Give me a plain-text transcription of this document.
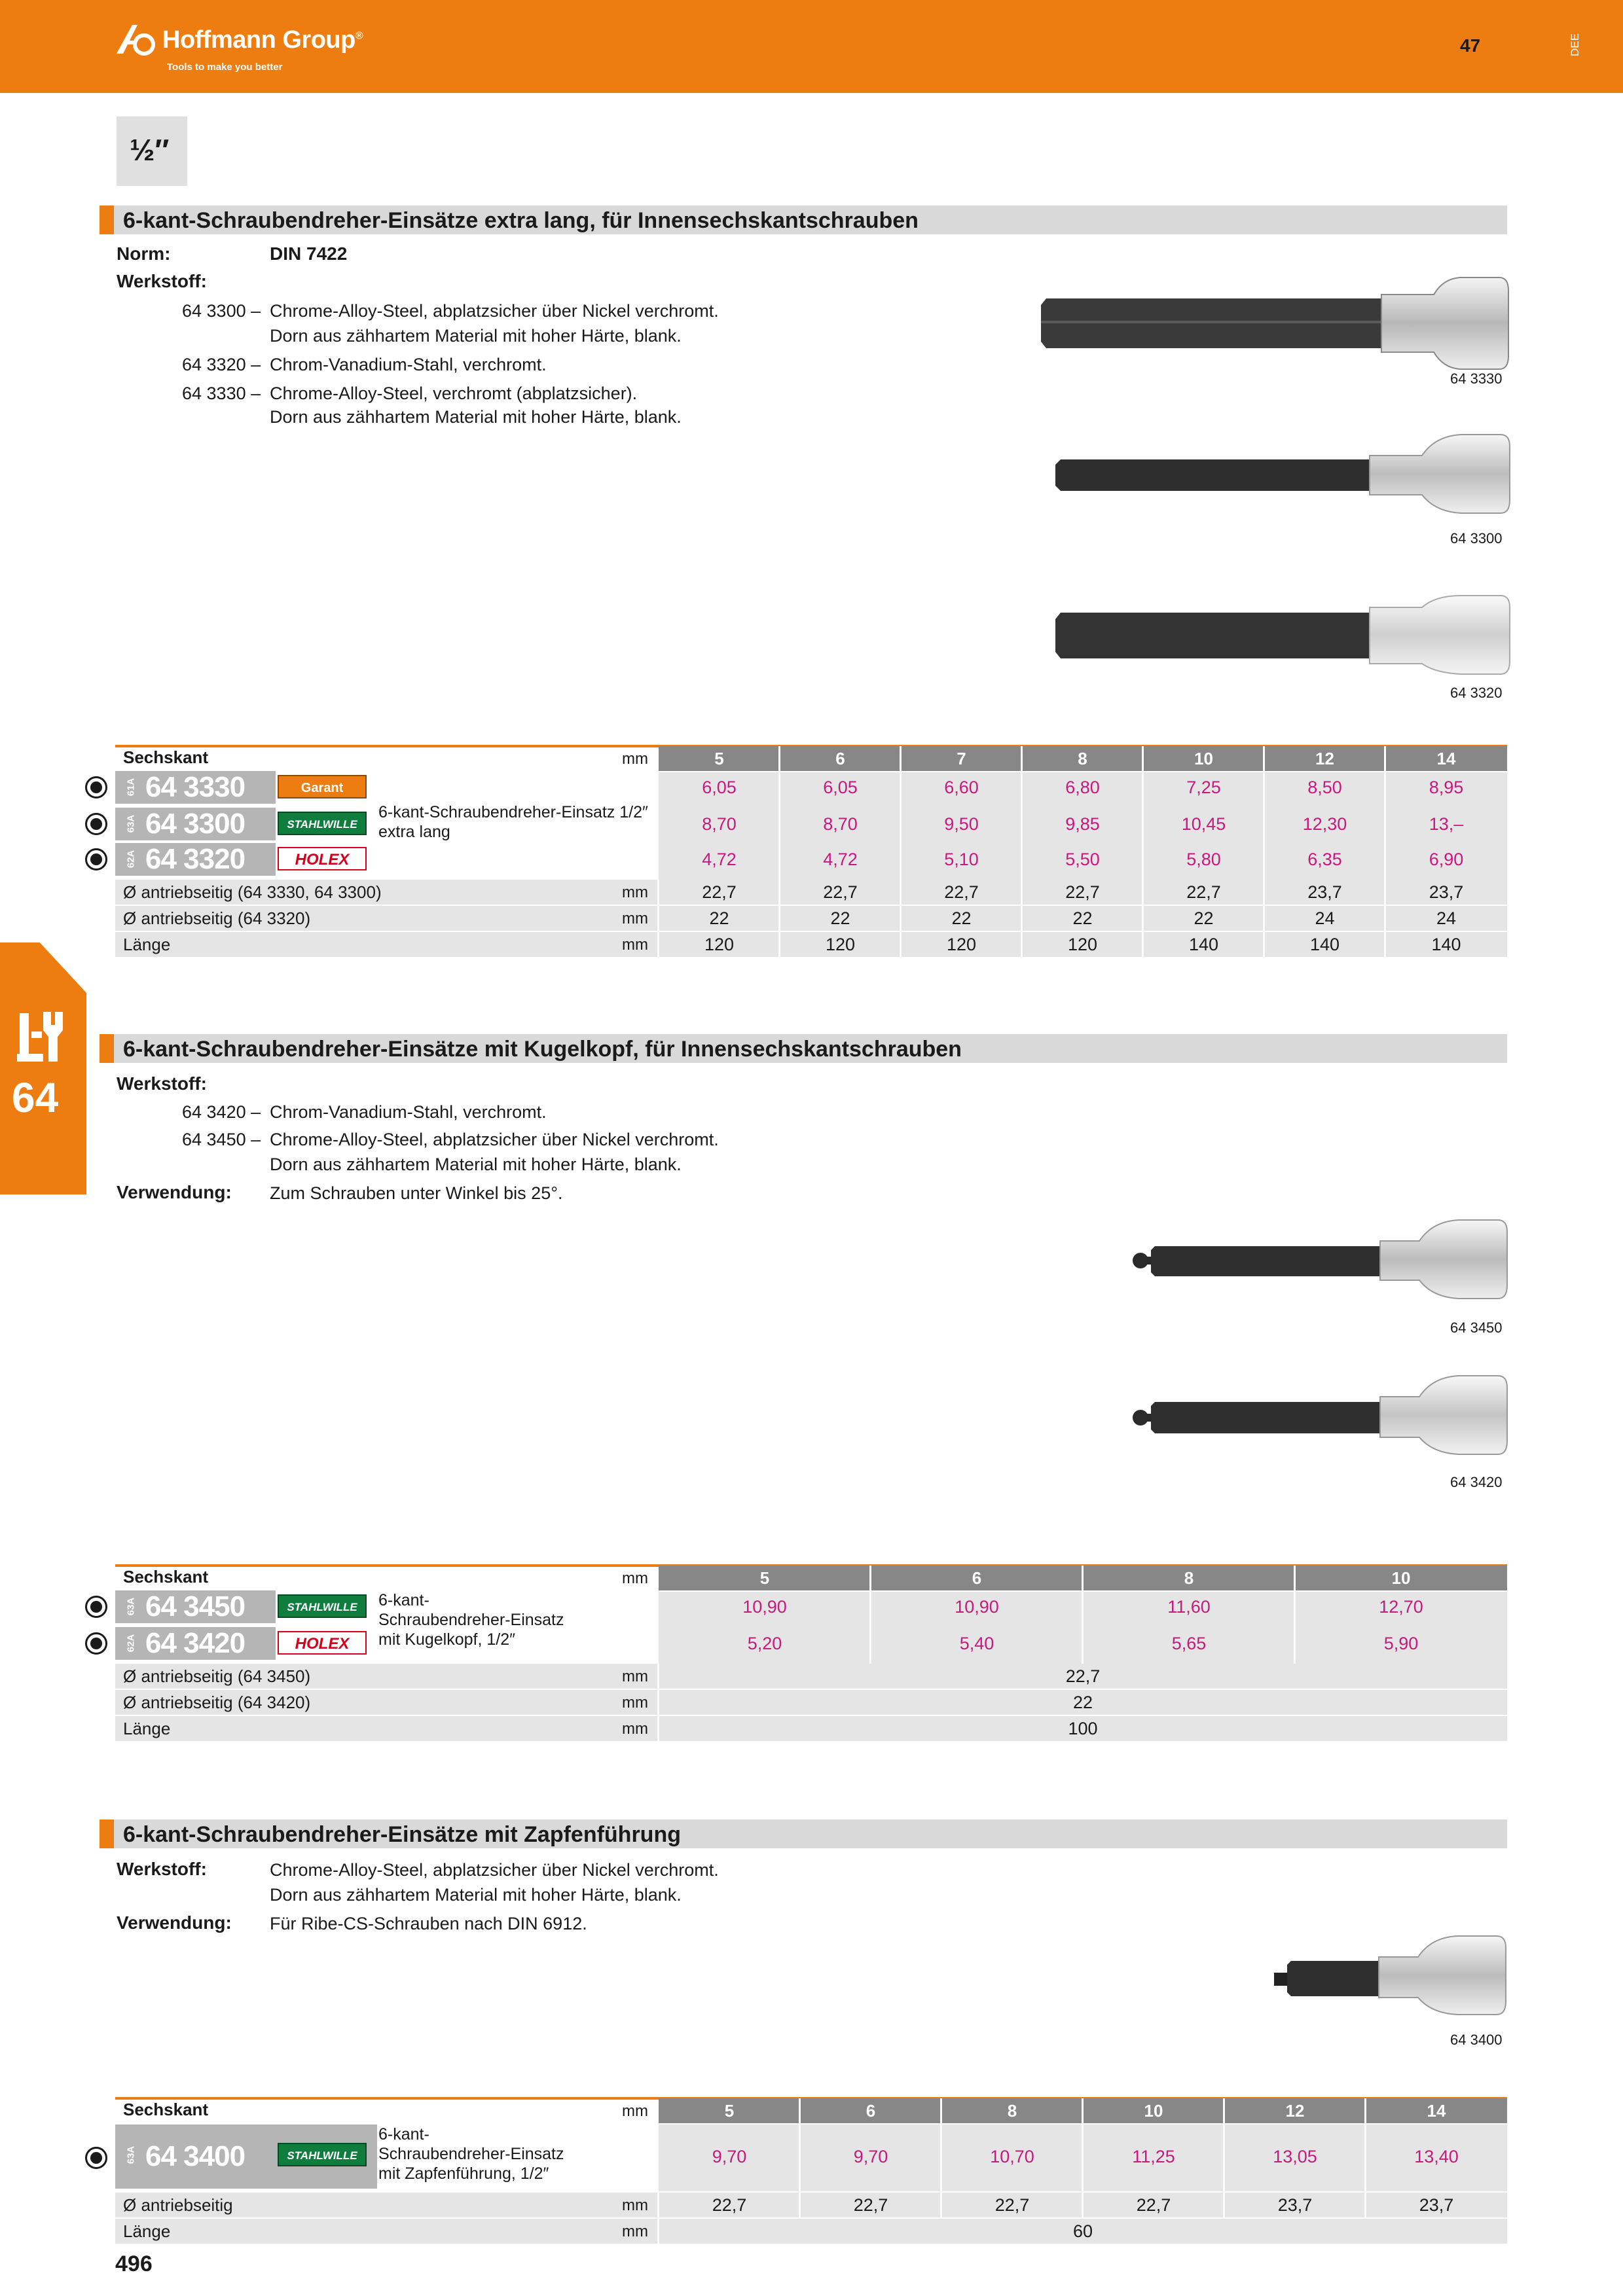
Hoffmann Group®
Tools to make you better
47	DEE
½″
64
6-kant-Schraubendreher-Einsätze extra lang, für Innensechskantschrauben
Norm:	DIN 7422
Werkstoff:
64 3300 – Chrome-Alloy-Steel, abplatzsicher über Nickel verchromt.
Dorn aus zähhartem Material mit hoher Härte, blank.
64 3320 – Chrom-Vanadium-Stahl, verchromt.
64 3330 – Chrome-Alloy-Steel, verchromt (abplatzsicher).
Dorn aus zähhartem Material mit hoher Härte, blank.
64 3330
64 3300
64 3320
Sechskant	mm	5	6	7	8	10	12	14
61A 64 3330	Garant	6,05	6,05	6,60	6,80	7,25	8,50	8,95
63A 64 3300	STAHLWILLE
6-kant-Schraubendreher-Einsatz 1/2″
extra lang	8,70	8,70	9,50	9,85	10,45	12,30	13,–
62A 64 3320	HOLEX	4,72	4,72	5,10	5,50	5,80	6,35	6,90
Ø antriebseitig (64 3330, 64 3300)	mm	22,7	22,7	22,7	22,7	22,7	23,7	23,7
Ø antriebseitig (64 3320)	mm	22	22	22	22	22	24	24
Länge	mm	120	120	120	120	140	140	140
6-kant-Schraubendreher-Einsätze mit Kugelkopf, für Innensechskantschrauben
Werkstoff:
64 3420 – Chrom-Vanadium-Stahl, verchromt.
64 3450 – Chrome-Alloy-Steel, abplatzsicher über Nickel verchromt.
Dorn aus zähhartem Material mit hoher Härte, blank.
Verwendung: Zum Schrauben unter Winkel bis 25°.
64 3450
64 3420
Sechskant	mm	5	6	8	10
63A 64 3450	STAHLWILLE	6-kant-
Schraubendreher-Einsatz
mit Kugelkopf, 1/2″
10,90	10,90	11,60	12,70
62A 64 3420	HOLEX	5,20	5,40	5,65	5,90
Ø antriebseitig (64 3450)	mm	22,7
Ø antriebseitig (64 3420)	mm	22
Länge	mm	100
6-kant-Schraubendreher-Einsätze mit Zapfenführung
Werkstoff:	Chrome-Alloy-Steel, abplatzsicher über Nickel verchromt.
Dorn aus zähhartem Material mit hoher Härte, blank.
Verwendung: Für Ribe-CS-Schrauben nach DIN 6912.
64 3400
Sechskant	mm	5	6	8	10	12	14
63A 64 3400	STAHLWILLE
6-kant-
Schraubendreher-Einsatz
mit Zapfenführung, 1/2″
9,70	9,70	10,70	11,25	13,05	13,40
Ø antriebseitig	mm	22,7	22,7	22,7	22,7	23,7	23,7
Länge	mm	60
496
